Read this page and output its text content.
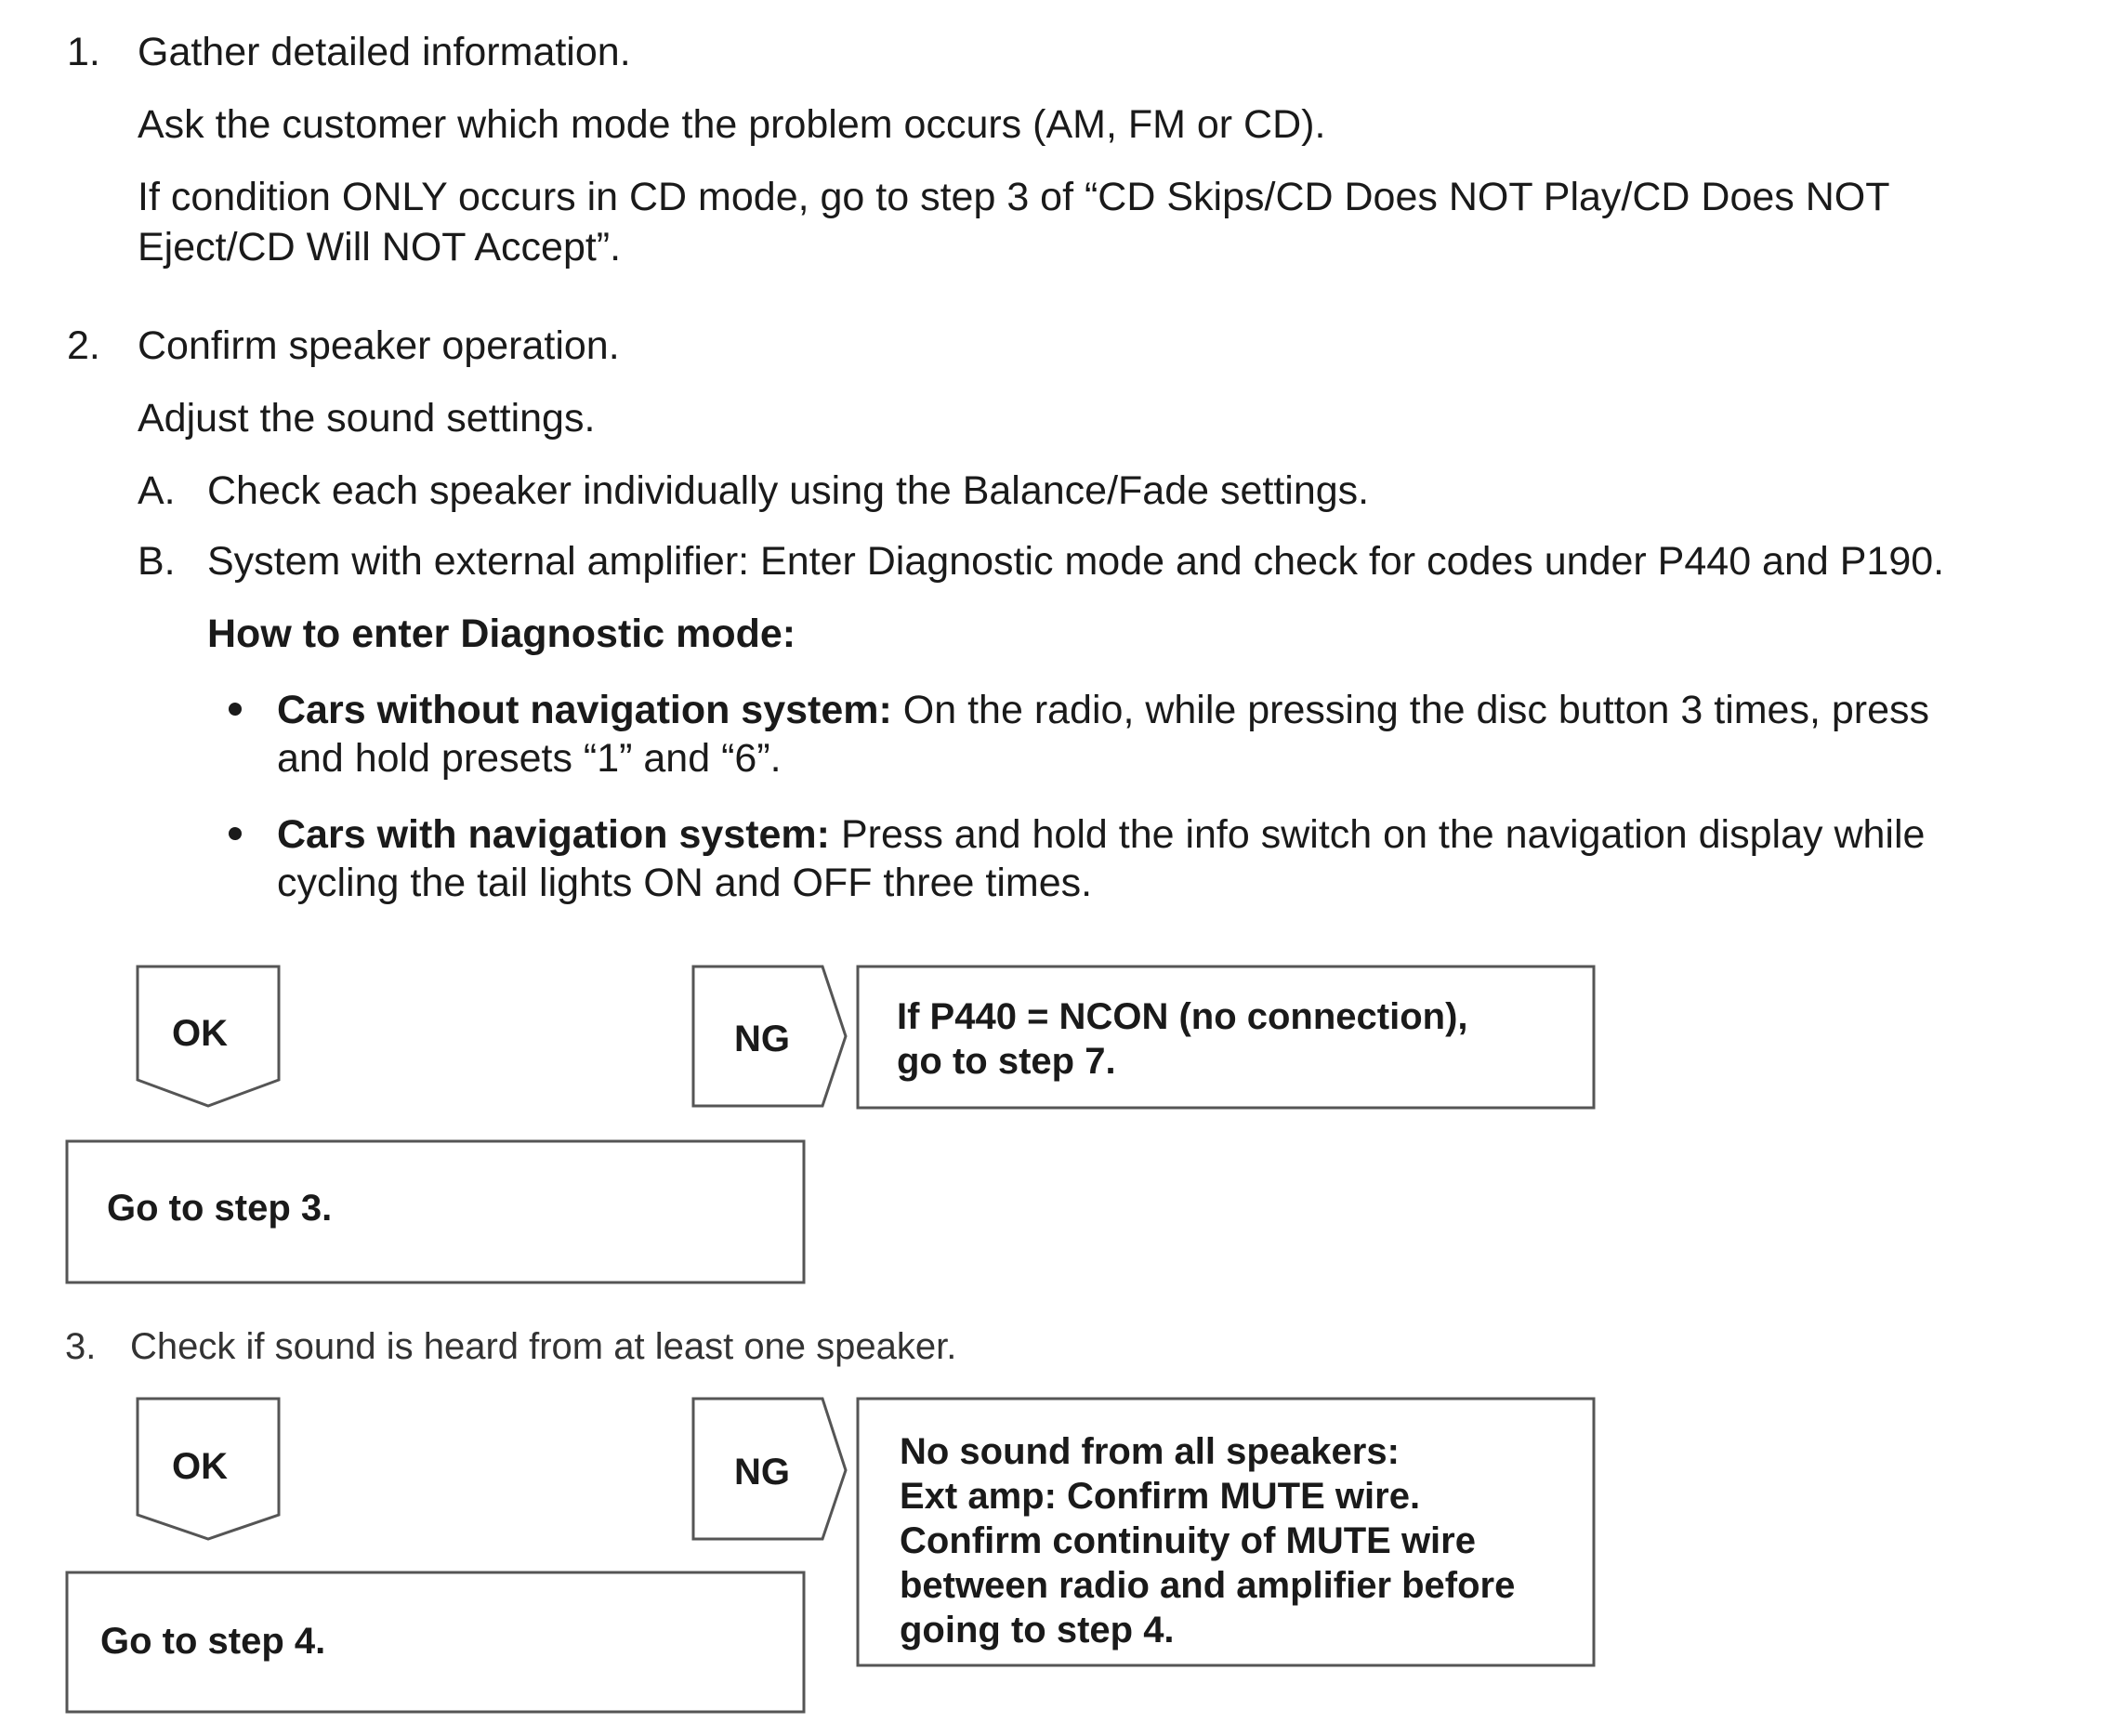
1. Gather detailed information.
Ask the customer which mode the problem occurs (AM, FM or CD).
If condition ONLY occurs in CD mode, go to step 3 of “CD Skips/CD Does NOT Play/CD Does NOT
Eject/CD Will NOT Accept”.
2. Confirm speaker operation.
Adjust the sound settings.
A. Check each speaker individually using the Balance/Fade settings.
B. System with external amplifier: Enter Diagnostic mode and check for codes under P440 and P190.
How to enter Diagnostic mode:
Cars without navigation system: On the radio, while pressing the disc button 3 times, press
and hold presets “1” and “6”.
Cars with navigation system: Press and hold the info switch on the navigation display while
cycling the tail lights ON and OFF three times.
OK	NG
If P440 = NCON (no connection),
go to step 7.
Go to step 3.
3. Check if sound is heard from at least one speaker.
OK	NG	No sound from all speakers:
Ext amp: Confirm MUTE wire.
Confirm continuity of MUTE wire
between radio and amplifier before
going to step 4.
Go to step 4.
